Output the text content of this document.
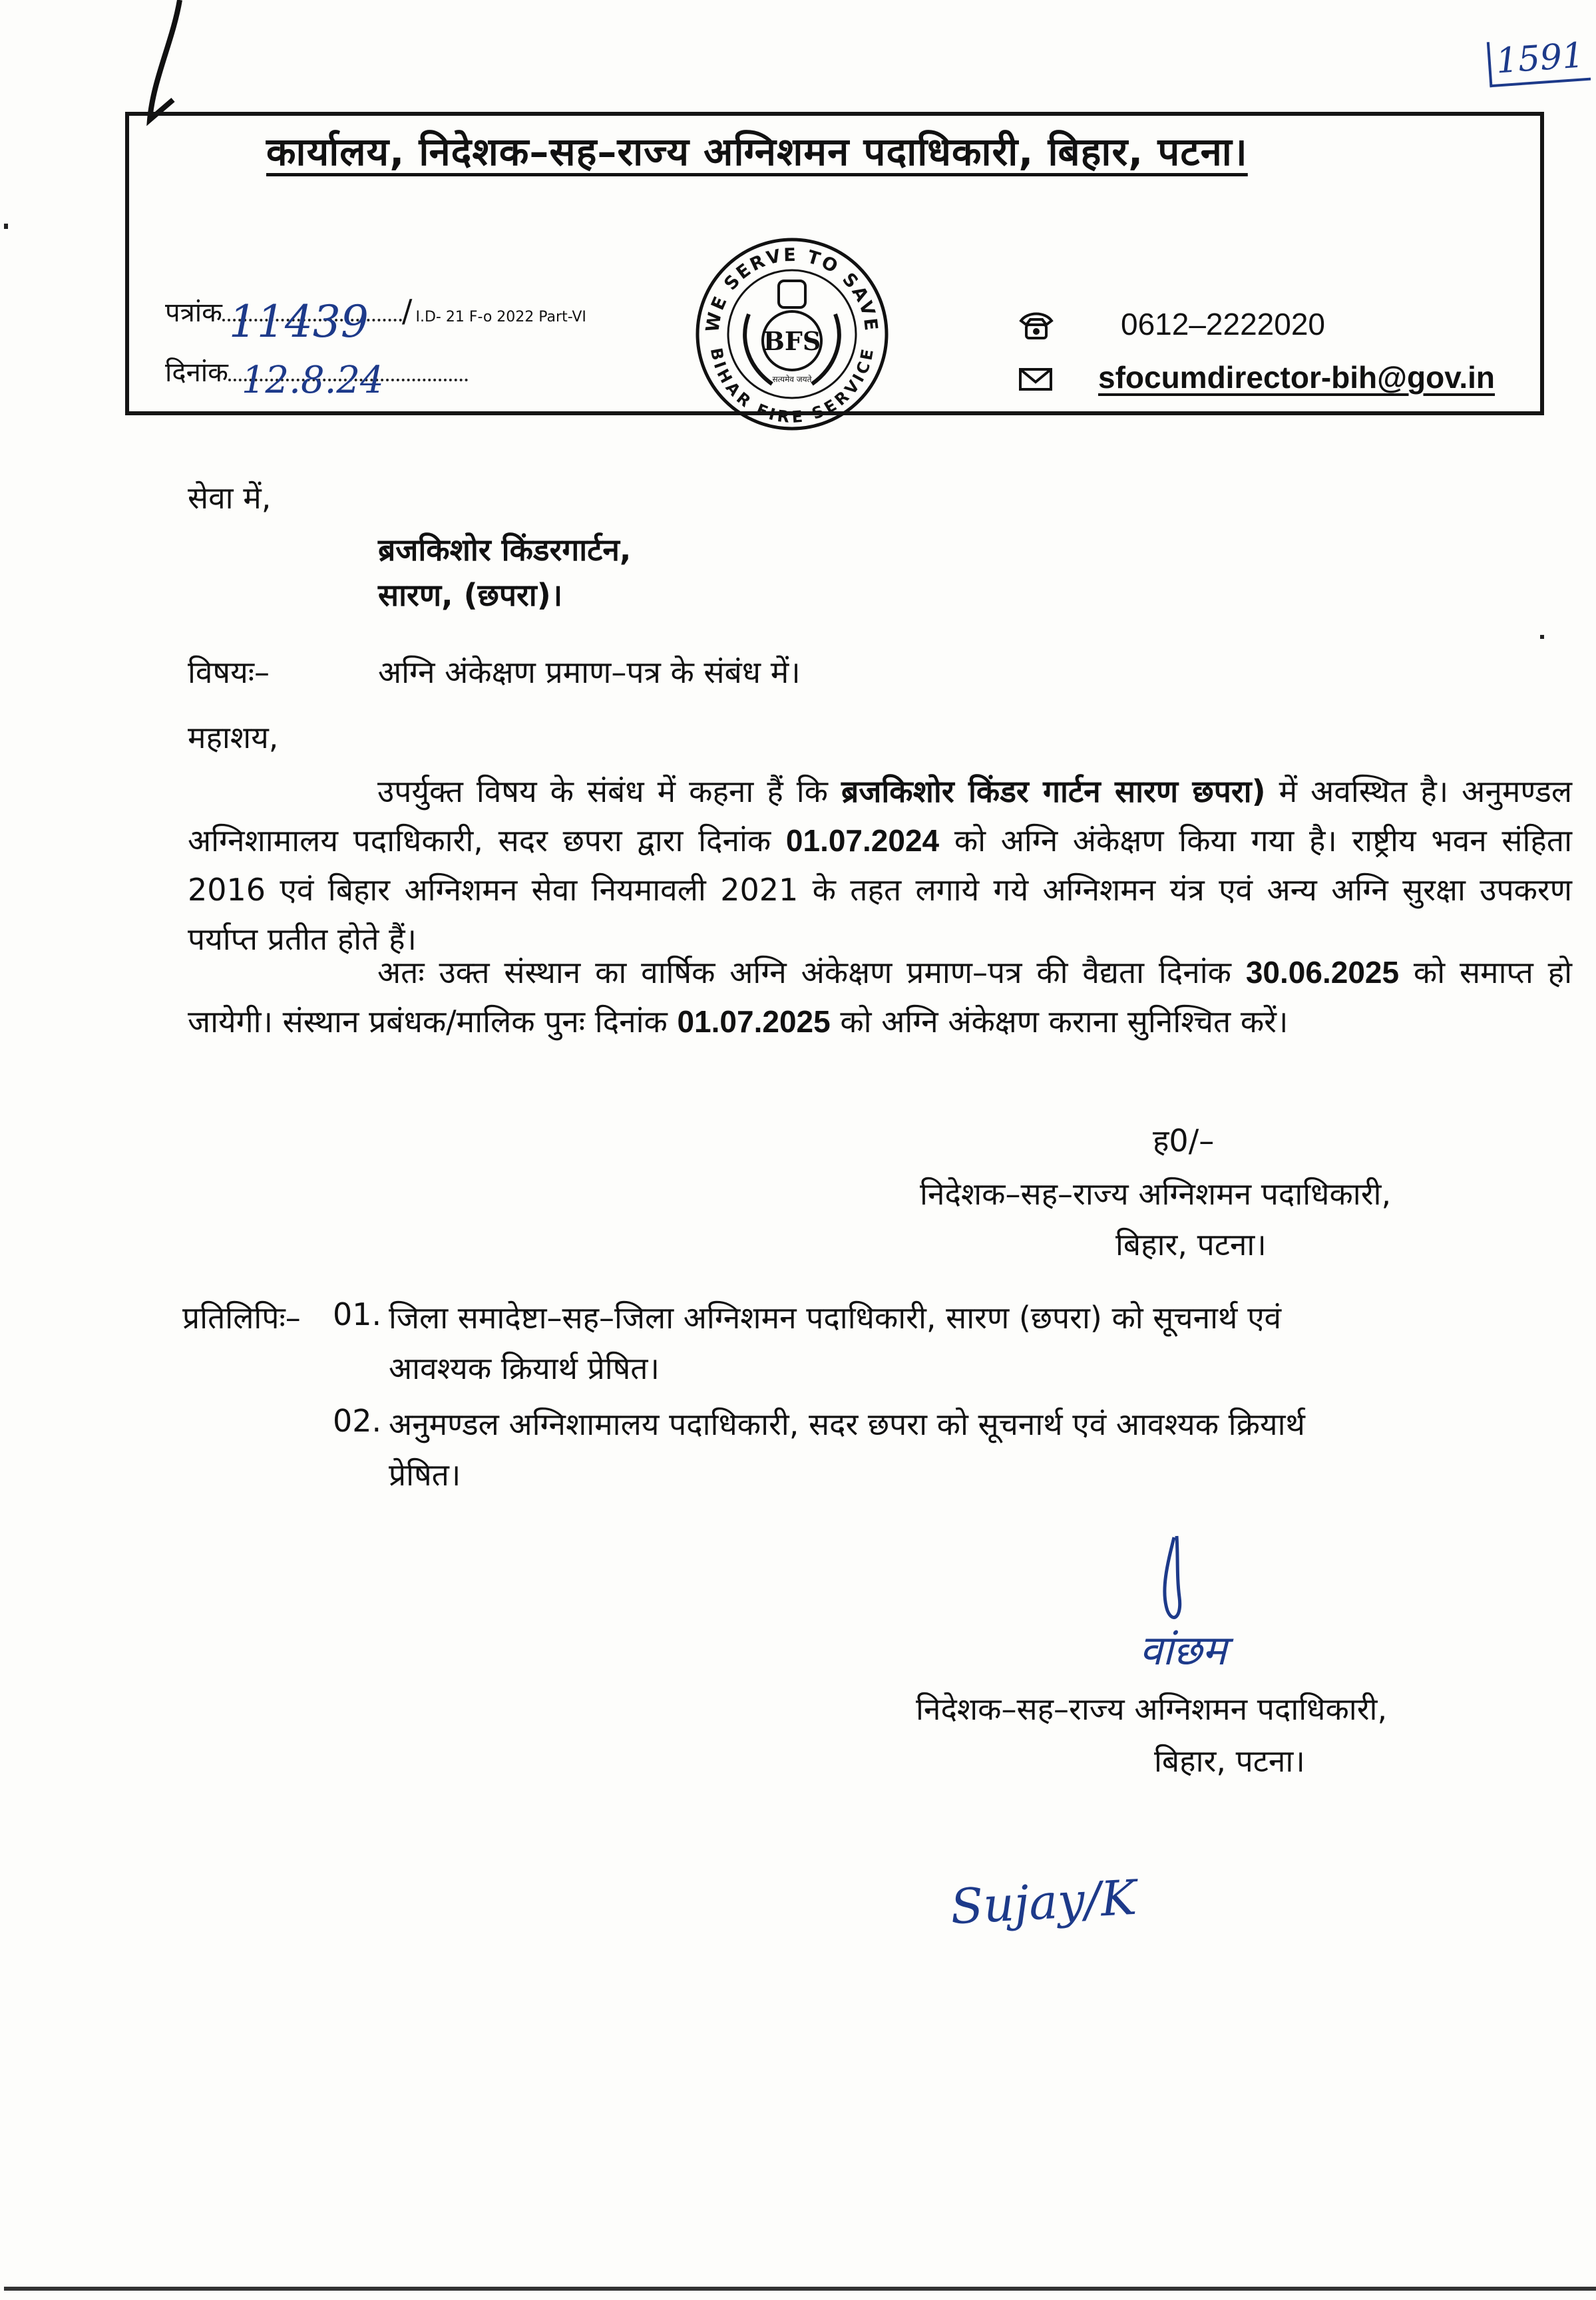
1591
कार्यालय, निदेशक–सह–राज्य अग्निशमन पदाधिकारी, बिहार, पटना।
पत्रांक 11439 / I.D- 21 F-o 2022 Part-VI
दिनांक 12.8.24
WE SERVE TO SAVE
BIHAR FIRE SERVICE
BFS
सत्यमेव जयते
0612–2222020
sfocumdirector-bih@gov.in
सेवा में,
ब्रजकिशोर किंडरगार्टन,
सारण, (छपरा)।
विषयः–	अग्नि अंकेक्षण प्रमाण–पत्र के संबंध में।
महाशय,
उपर्युक्त विषय के संबंध में कहना हैं कि ब्रजकिशोर किंडर गार्टन सारण छपरा) में अवस्थित है। अनुमण्डल अग्निशामालय पदाधिकारी, सदर छपरा द्वारा दिनांक 01.07.2024 को अग्नि अंकेक्षण किया गया है। राष्ट्रीय भवन संहिता 2016 एवं बिहार अग्निशमन सेवा नियमावली 2021 के तहत लगाये गये अग्निशमन यंत्र एवं अन्य अग्नि सुरक्षा उपकरण पर्याप्त प्रतीत होते हैं।
अतः उक्त संस्थान का वार्षिक अग्नि अंकेक्षण प्रमाण–पत्र की वैद्यता दिनांक 30.06.2025 को समाप्त हो जायेगी। संस्थान प्रबंधक/मालिक पुनः दिनांक 01.07.2025 को अग्नि अंकेक्षण कराना सुनिश्चित करें।
ह0/–
निदेशक–सह–राज्य अग्निशमन पदाधिकारी,
बिहार, पटना।
प्रतिलिपिः– 01. जिला समादेष्टा–सह–जिला अग्निशमन पदाधिकारी, सारण (छपरा) को सूचनार्थ एवं
आवश्यक क्रियार्थ प्रेषित।
02. अनुमण्डल अग्निशामालय पदाधिकारी, सदर छपरा को सूचनार्थ एवं आवश्यक क्रियार्थ
प्रेषित।
वांछम
निदेशक–सह–राज्य अग्निशमन पदाधिकारी,
बिहार, पटना।
Sujay/K
